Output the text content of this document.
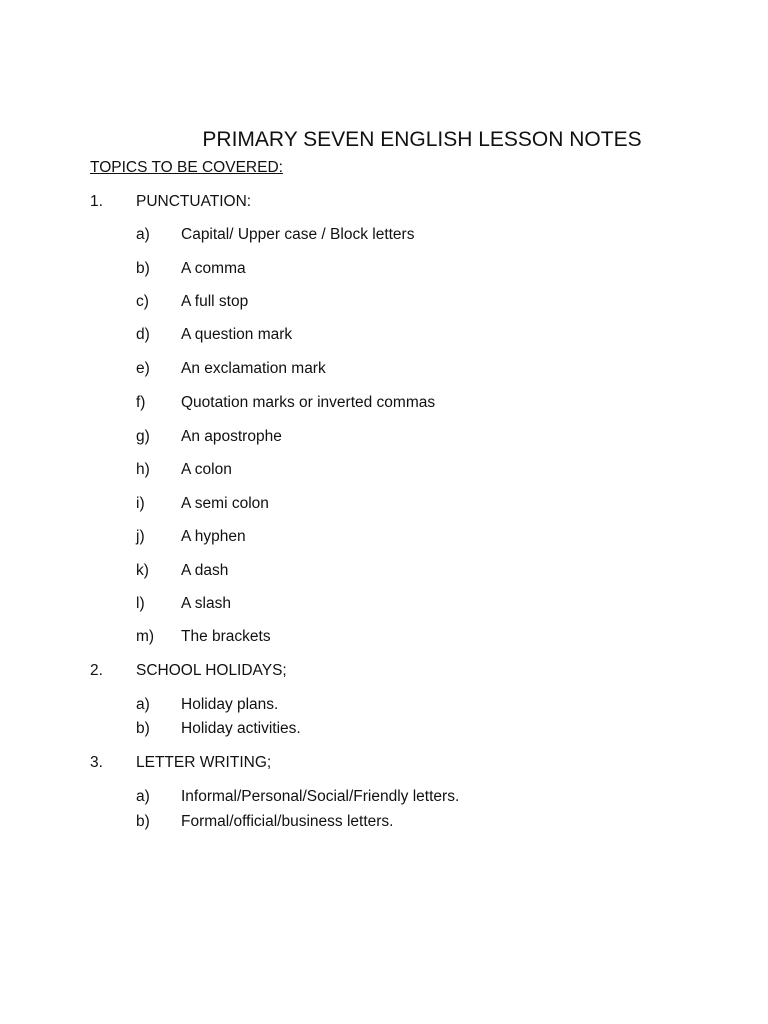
PRIMARY SEVEN ENGLISH LESSON NOTES
TOPICS TO BE COVERED:
1. PUNCTUATION:
a) Capital/ Upper case / Block letters
b) A comma
c) A full stop
d) A question mark
e) An exclamation mark
f) Quotation marks or inverted commas
g) An apostrophe
h) A colon
i) A semi colon
j) A hyphen
k) A dash
l) A slash
m) The brackets
2. SCHOOL HOLIDAYS;
a) Holiday plans.
b) Holiday activities.
3. LETTER WRITING;
a) Informal/Personal/Social/Friendly letters.
b) Formal/official/business letters.
